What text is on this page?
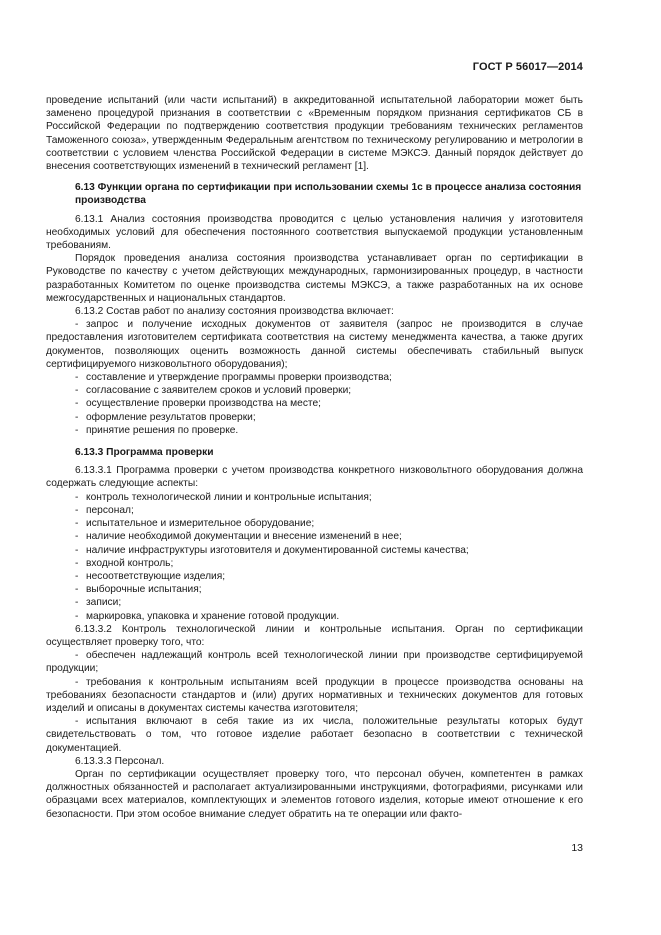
ГОСТ Р 56017—2014

проведение испытаний (или части испытаний) в аккредитованной испытательной лаборатории может быть заменено процедурой признания в соответствии с «Временным порядком признания сертификатов СБ в Российской Федерации по подтверждению соответствия продукции требованиям технических регламентов Таможенного союза», утвержденным Федеральным агентством по техническому регулированию и метрологии в соответствии с условием членства Российской Федерации в системе МЭКСЭ. Данный порядок действует до внесения соответствующих изменений в технический регламент [1].

6.13 Функции органа по сертификации при использовании схемы 1с в процессе анализа состояния производства

6.13.1 Анализ состояния производства проводится с целью установления наличия у изготовителя необходимых условий для обеспечения постоянного соответствия выпускаемой продукции установленным требованиям.

Порядок проведения анализа состояния производства устанавливает орган по сертификации в Руководстве по качеству с учетом действующих международных, гармонизированных процедур, в частности разработанных Комитетом по оценке производства системы МЭКСЭ, а также разработанных на их основе межгосударственных и национальных стандартов.

6.13.2 Состав работ по анализу состояния производства включает:

- запрос и получение исходных документов от заявителя (запрос не производится в случае предоставления изготовителем сертификата соответствия на систему менеджмента качества, а также других документов, позволяющих оценить возможность данной системы обеспечивать стабильный выпуск сертифицируемого низковольтного оборудования);
- составление и утверждение программы проверки производства;
- согласование с заявителем сроков и условий проверки;
- осуществление проверки производства на месте;
- оформление результатов проверки;
- принятие решения по проверке.
6.13.3 Программа проверки

6.13.3.1 Программа проверки с учетом производства конкретного низковольтного оборудования должна содержать следующие аспекты:

- контроль технологической линии и контрольные испытания;
- персонал;
- испытательное и измерительное оборудование;
- наличие необходимой документации и внесение изменений в нее;
- наличие инфраструктуры изготовителя и документированной системы качества;
- входной контроль;
- несоответствующие изделия;
- выборочные испытания;
- записи;
- маркировка, упаковка и хранение готовой продукции.

6.13.3.2 Контроль технологической линии и контрольные испытания. Орган по сертификации осуществляет проверку того, что:

- обеспечен надлежащий контроль всей технологической линии при производстве сертифицируемой продукции;
- требования к контрольным испытаниям всей продукции в процессе производства основаны на требованиях безопасности стандартов и (или) других нормативных и технических документов для готовых изделий и описаны в документах системы качества изготовителя;
- испытания включают в себя такие из их числа, положительные результаты которых будут свидетельствовать о том, что готовое изделие работает безопасно в соответствии с технической документацией.

6.13.3.3 Персонал.

Орган по сертификации осуществляет проверку того, что персонал обучен, компетентен в рамках должностных обязанностей и располагает актуализированными инструкциями, фотографиями, рисунками или образцами всех материалов, комплектующих и элементов готового изделия, которые имеют отношение к его безопасности. При этом особое внимание следует обратить на те операции или факто-

13
